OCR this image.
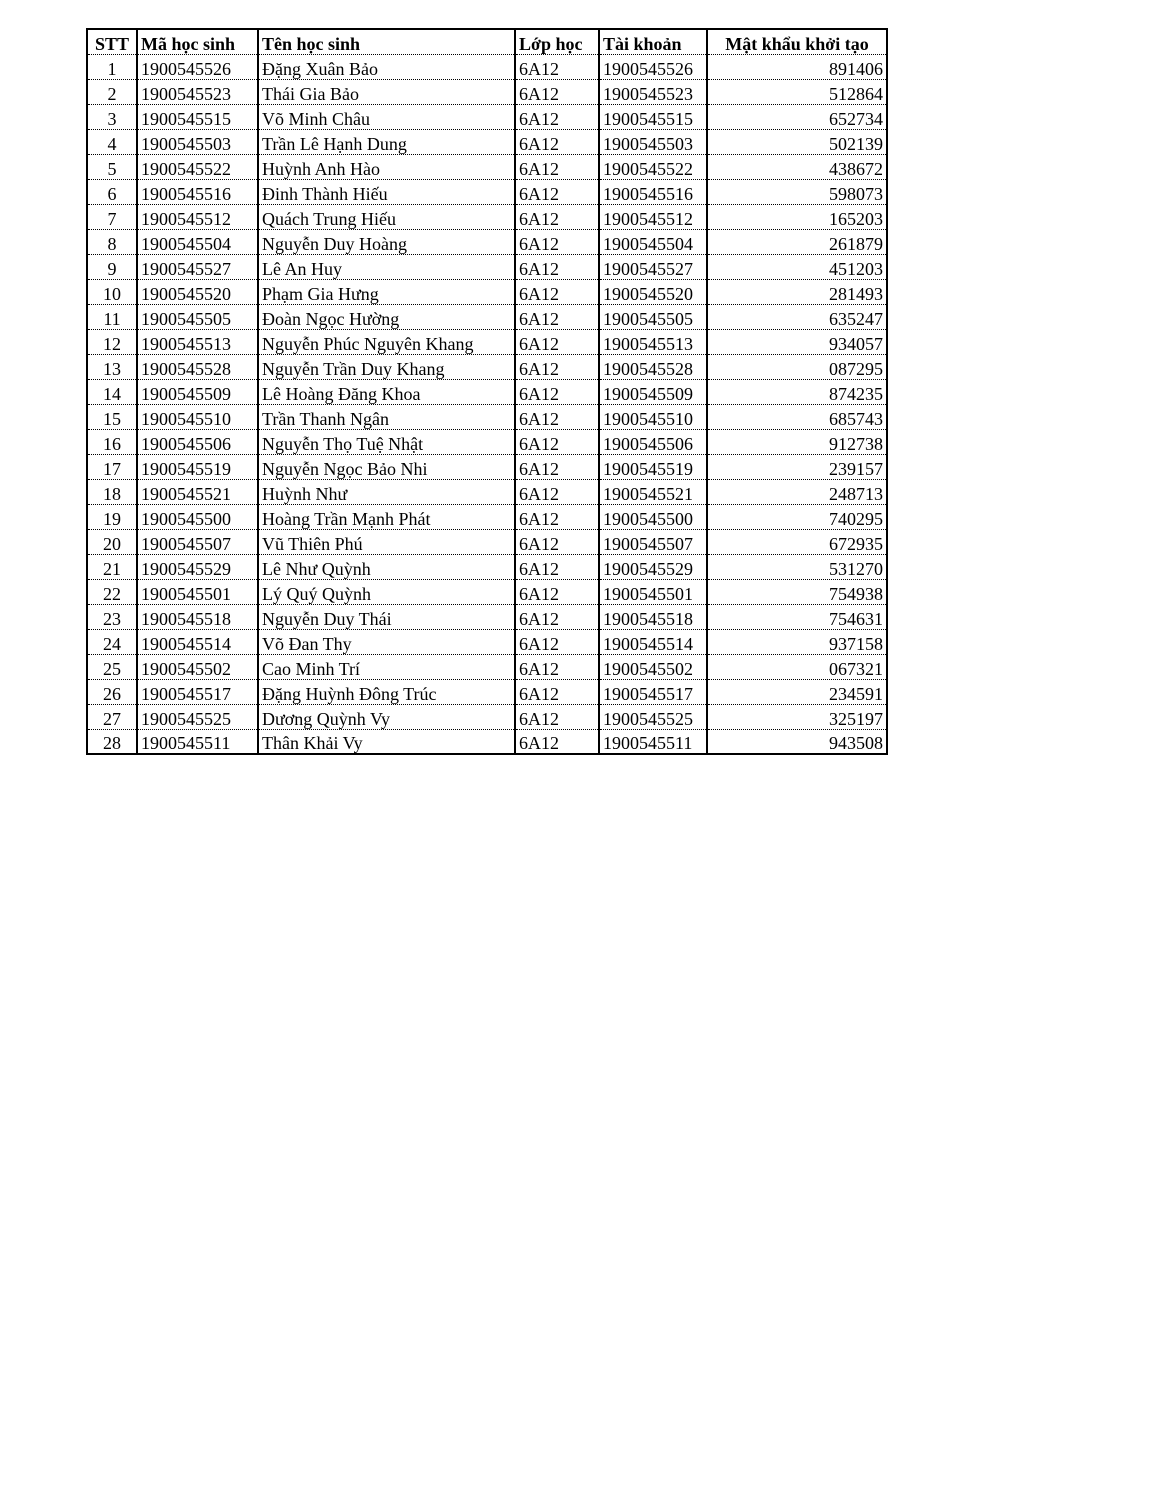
STT	Mã học sinh	Tên học sinh	Lớp học	Tài khoản	Mật khẩu khởi tạo
1	1900545526	Đặng Xuân Bảo	6A12	1900545526	891406
2	1900545523	Thái Gia Bảo	6A12	1900545523	512864
3	1900545515	Võ Minh Châu	6A12	1900545515	652734
4	1900545503	Trần Lê Hạnh Dung	6A12	1900545503	502139
5	1900545522	Huỳnh Anh Hào	6A12	1900545522	438672
6	1900545516	Đinh Thành Hiếu	6A12	1900545516	598073
7	1900545512	Quách Trung Hiếu	6A12	1900545512	165203
8	1900545504	Nguyễn Duy Hoàng	6A12	1900545504	261879
9	1900545527	Lê An Huy	6A12	1900545527	451203
10	1900545520	Phạm Gia Hưng	6A12	1900545520	281493
11	1900545505	Đoàn Ngọc Hường	6A12	1900545505	635247
12	1900545513	Nguyễn Phúc Nguyên Khang	6A12	1900545513	934057
13	1900545528	Nguyễn Trần Duy Khang	6A12	1900545528	087295
14	1900545509	Lê Hoàng Đăng Khoa	6A12	1900545509	874235
15	1900545510	Trần Thanh Ngân	6A12	1900545510	685743
16	1900545506	Nguyễn Thọ Tuệ Nhật	6A12	1900545506	912738
17	1900545519	Nguyễn Ngọc Bảo Nhi	6A12	1900545519	239157
18	1900545521	Huỳnh Như	6A12	1900545521	248713
19	1900545500	Hoàng Trần Mạnh Phát	6A12	1900545500	740295
20	1900545507	Vũ Thiên Phú	6A12	1900545507	672935
21	1900545529	Lê Như Quỳnh	6A12	1900545529	531270
22	1900545501	Lý Quý Quỳnh	6A12	1900545501	754938
23	1900545518	Nguyễn Duy Thái	6A12	1900545518	754631
24	1900545514	Võ Đan Thy	6A12	1900545514	937158
25	1900545502	Cao Minh Trí	6A12	1900545502	067321
26	1900545517	Đặng Huỳnh Đông Trúc	6A12	1900545517	234591
27	1900545525	Dương Quỳnh Vy	6A12	1900545525	325197
28	1900545511	Thân Khải Vy	6A12	1900545511	943508
